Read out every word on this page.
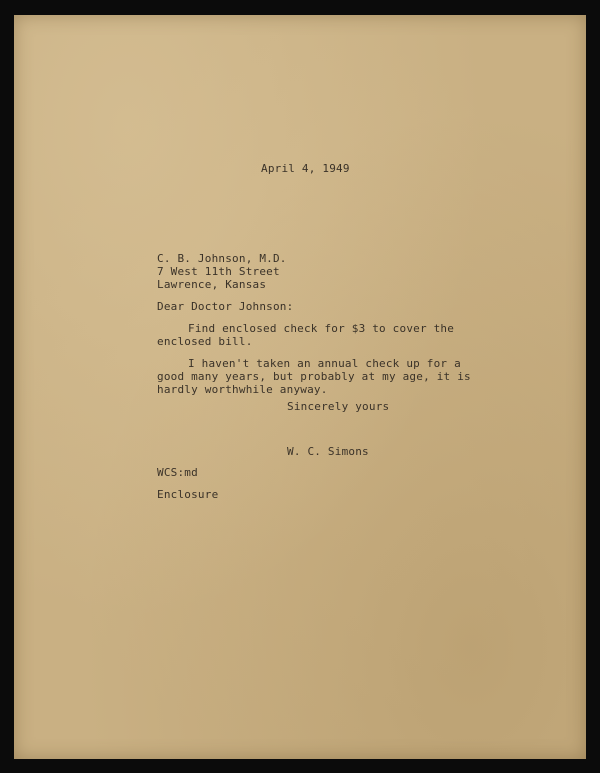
April 4, 1949

C. B. Johnson, M.D.

7 West 11th Street

Lawrence, Kansas

Dear Doctor Johnson:

Find enclosed check for $3 to cover the

enclosed bill.

I haven't taken an annual check up for a

good many years, but probably at my age, it is

hardly worthwhile anyway.

Sincerely yours

W. C. Simons

WCS:md

Enclosure
